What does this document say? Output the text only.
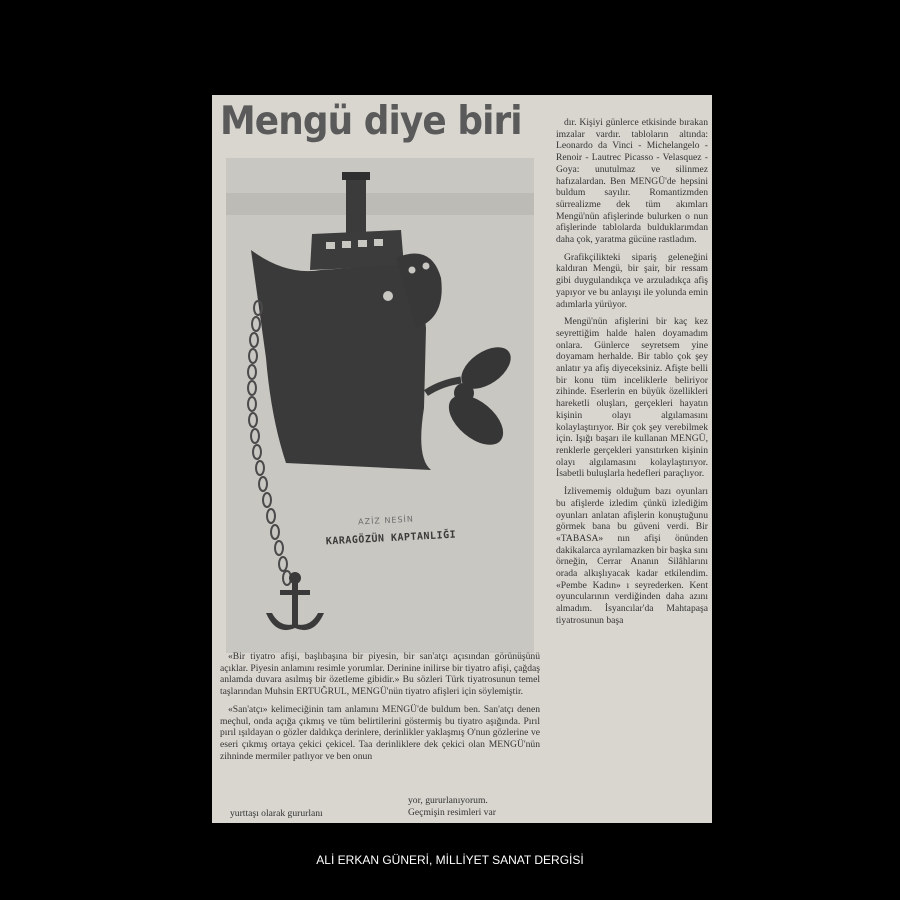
Mengü diye biri
AZİZ NESİN
KARAGÖZÜN KAPTANLIĞI

«Bir tiyatro afişi, başlıbaşına bir piyesin, bir san'atçı açısından görünüşünü açıklar. Piyesin anlamını resimle yorumlar. Derinine inilirse bir tiyatro afişi, çağdaş anlamda duvara asılmış bir özetleme gibidir.» Bu sözleri Türk tiyatrosunun temel taşlarından Muhsin ERTUĞRUL, MENGÜ'nün tiyatro afişleri için söylemiştir.

«San'atçı» kelimeciğinin tam anlamını MENGÜ'de buldum ben. San'atçı denen meçhul, onda açığa çıkmış ve tüm belirtilerini göstermiş bu tiyatro aşığında. Pırıl pırıl ışıldayan o gözler daldıkça derinlere, derinlikler yaklaşmış O'nun gözlerine ve eseri çıkmış ortaya çekici çekicel. Taa derinliklere dek çekici olan MENGÜ'nün zihninde mermiler patlıyor ve ben onun

yurttaşı olarak gururlanı
yor, gururlanıyorum.
Geçmişin resimleri var

dır. Kişiyi günlerce etkisinde bırakan imzalar vardır. tabloların altında: Leonardo da Vinci - Michelangelo - Renoir - Lautrec Picasso - Velasquez - Goya: unutulmaz ve silinmez hafızalardan. Ben MENGÜ'de hepsini buldum sayılır. Romantizmden sürrealizme dek tüm akımları Mengü'nün afişlerinde bulurken o nun afişlerinde tablolarda bulduklarımdan daha çok, yaratma gücüne rastladım.

Grafikçilikteki sipariş geleneğini kaldıran Mengü, bir şair, bir ressam gibi duygulandıkça ve arzuladıkça afiş yapıyor ve bu anlayışı ile yolunda emin adımlarla yürüyor.

Mengü'nün afişlerini bir kaç kez seyrettiğim halde halen doyamadım onlara. Günlerce seyretsem yine doyamam herhalde. Bir tablo çok şey anlatır ya afiş diyeceksiniz. Afişte belli bir konu tüm inceliklerle beliriyor zihinde. Eserlerin en büyük özellikleri hareketli oluşları, gerçekleri hayatın kişinin olayı algılamasını kolaylaştırıyor. Bir çok şey verebilmek için. Işığı başarı ile kullanan MENGÜ, renklerle gerçekleri yansıtırken kişinin olayı algılamasını kolaylaştırıyor. İsabetli buluşlarla hedefleri paraçlıyor.

İzlivememiş olduğum bazı oyunları bu afişlerde izledim çünkü izlediğim oyunları anlatan afişlerin konuştuğunu görmek bana bu güveni verdi. Bir «TABASA» nın afişi önünden dakikalarca ayrılamazken bir başka sını örneğin, Cerrar Ananın Silâhlarını orada alkışlıyacak kadar etkilendim. «Pembe Kadın» ı seyrederken. Kent oyuncularının verdiğinden daha azını almadım. İsyancılar'da Mahtapaşa tiyatrosunun başa

ALİ ERKAN GÜNERİ, MİLLİYET SANAT DERGİSİ
